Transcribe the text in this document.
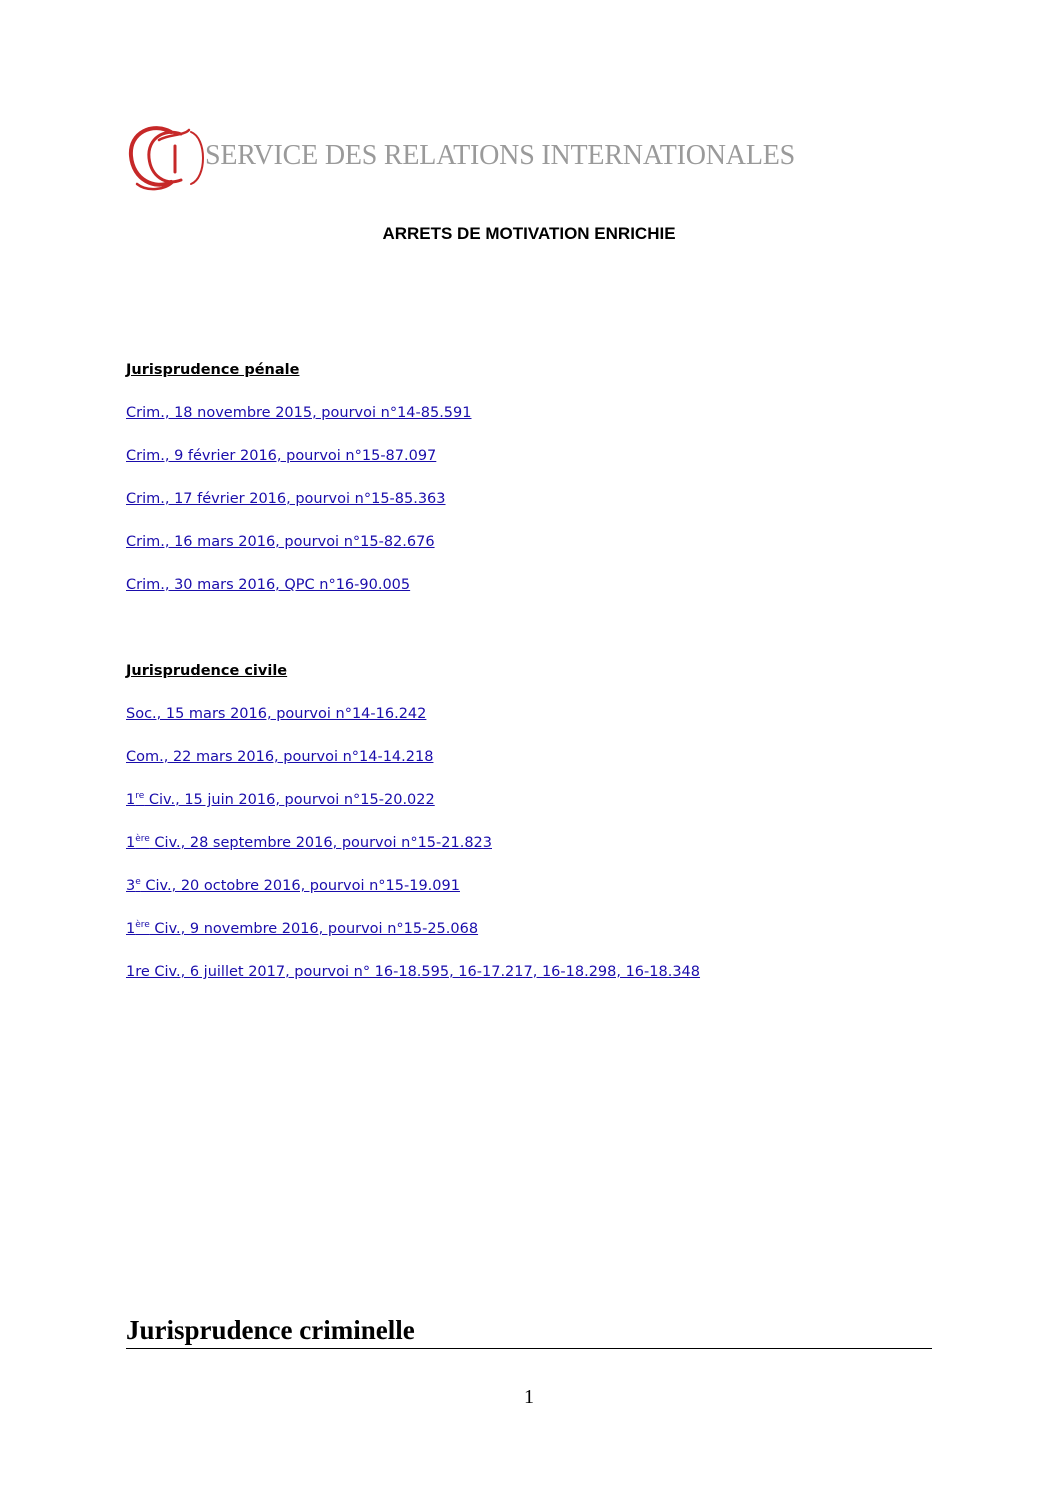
SERVICE DES RELATIONS INTERNATIONALES
ARRETS DE MOTIVATION ENRICHIE
Jurisprudence pénale
Crim., 18 novembre 2015, pourvoi n°14-85.591
Crim., 9 février 2016, pourvoi n°15-87.097
Crim., 17 février 2016, pourvoi n°15-85.363
Crim., 16 mars 2016, pourvoi n°15-82.676
Crim., 30 mars 2016, QPC n°16-90.005
Jurisprudence civile
Soc., 15 mars 2016, pourvoi n°14-16.242
Com., 22 mars 2016, pourvoi n°14-14.218
1re Civ., 15 juin 2016, pourvoi n°15-20.022
1ère Civ., 28 septembre 2016, pourvoi n°15-21.823
3e Civ., 20 octobre 2016, pourvoi n°15-19.091
1ère Civ., 9 novembre 2016, pourvoi n°15-25.068
1re Civ., 6 juillet 2017, pourvoi n° 16-18.595, 16-17.217, 16-18.298, 16-18.348
Jurisprudence criminelle
1
